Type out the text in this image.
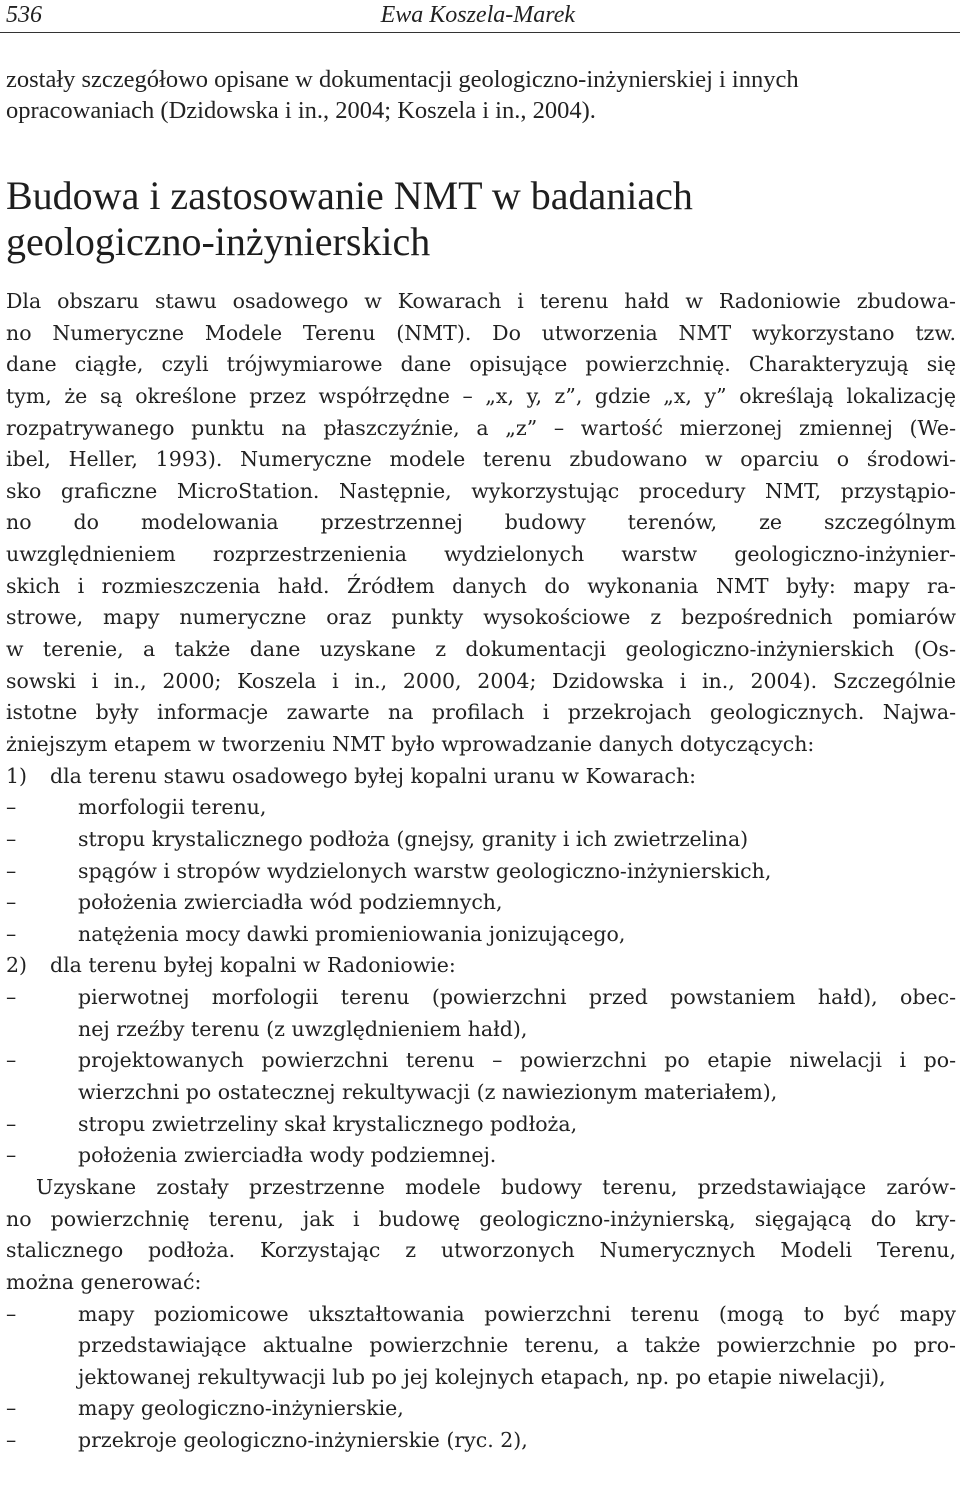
536	Ewa Koszela-Marek
zostały szczegółowo opisane w dokumentacji geologiczno-inżynierskiej i innych
opracowaniach (Dzidowska i in., 2004; Koszela i in., 2004).
Budowa i zastosowanie NMT w badaniach
geologiczno-inżynierskich
Dla obszaru stawu osadowego w Kowarach i terenu hałd w Radoniowie zbudowa-
no Numeryczne Modele Terenu (NMT). Do utworzenia NMT wykorzystano tzw.
dane ciągłe, czyli trójwymiarowe dane opisujące powierzchnię. Charakteryzują się
tym, że są określone przez współrzędne – „x, y, z”, gdzie „x, y” określają lokalizację
rozpatrywanego punktu na płaszczyźnie, a „z” – wartość mierzonej zmiennej (We-
ibel, Heller, 1993). Numeryczne modele terenu zbudowano w oparciu o środowi-
sko graficzne MicroStation. Następnie, wykorzystując procedury NMT, przystąpio-
no do modelowania przestrzennej budowy terenów, ze szczególnym
uwzględnieniem rozprzestrzenienia wydzielonych warstw geologiczno-inżynier-
skich i rozmieszczenia hałd. Źródłem danych do wykonania NMT były: mapy ra-
strowe, mapy numeryczne oraz punkty wysokościowe z bezpośrednich pomiarów
w terenie, a także dane uzyskane z dokumentacji geologiczno-inżynierskich (Os-
sowski i in., 2000; Koszela i in., 2000, 2004; Dzidowska i in., 2004). Szczególnie
istotne były informacje zawarte na profilach i przekrojach geologicznych. Najwa-
żniejszym etapem w tworzeniu NMT było wprowadzanie danych dotyczących:
1)	dla terenu stawu osadowego byłej kopalni uranu w Kowarach:
–	morfologii terenu,
–	stropu krystalicznego podłoża (gnejsy, granity i ich zwietrzelina)
–	spągów i stropów wydzielonych warstw geologiczno-inżynierskich,
–	położenia zwierciadła wód podziemnych,
–	natężenia mocy dawki promieniowania jonizującego,
2)	dla terenu byłej kopalni w Radoniowie:
–	pierwotnej morfologii terenu (powierzchni przed powstaniem hałd), obec-
nej rzeźby terenu (z uwzględnieniem hałd),
–	projektowanych powierzchni terenu – powierzchni po etapie niwelacji i po-
wierzchni po ostatecznej rekultywacji (z nawiezionym materiałem),
–	stropu zwietrzeliny skał krystalicznego podłoża,
–	położenia zwierciadła wody podziemnej.
Uzyskane zostały przestrzenne modele budowy terenu, przedstawiające zarów-
no powierzchnię terenu, jak i budowę geologiczno-inżynierską, sięgającą do kry-
stalicznego podłoża. Korzystając z utworzonych Numerycznych Modeli Terenu,
można generować:
–	mapy poziomicowe ukształtowania powierzchni terenu (mogą to być mapy
przedstawiające aktualne powierzchnie terenu, a także powierzchnie po pro-
jektowanej rekultywacji lub po jej kolejnych etapach, np. po etapie niwelacji),
–	mapy geologiczno-inżynierskie,
–	przekroje geologiczno-inżynierskie (ryc. 2),
